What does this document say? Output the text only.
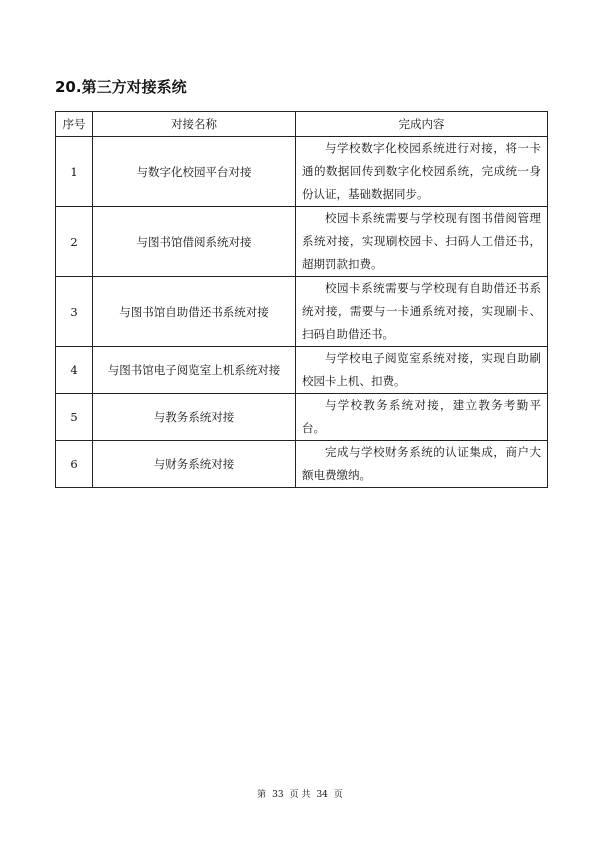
20.第三方对接系统
序号	对接名称	完成内容
1	与数字化校园平台对接	与学校数字化校园系统进行对接，将一卡通的数据回传到数字化校园系统，完成统一身份认证，基础数据同步。
2	与图书馆借阅系统对接	校园卡系统需要与学校现有图书借阅管理系统对接，实现刷校园卡、扫码人工借还书，超期罚款扣费。
3	与图书馆自助借还书系统对接	校园卡系统需要与学校现有自助借还书系统对接，需要与一卡通系统对接，实现刷卡、扫码自助借还书。
4	与图书馆电子阅览室上机系统对接	与学校电子阅览室系统对接，实现自助刷校园卡上机、扣费。
5	与教务系统对接	与学校教务系统对接，建立教务考勤平台。
6	与财务系统对接	完成与学校财务系统的认证集成，商户大额电费缴纳。
第 33 页 共 34 页
